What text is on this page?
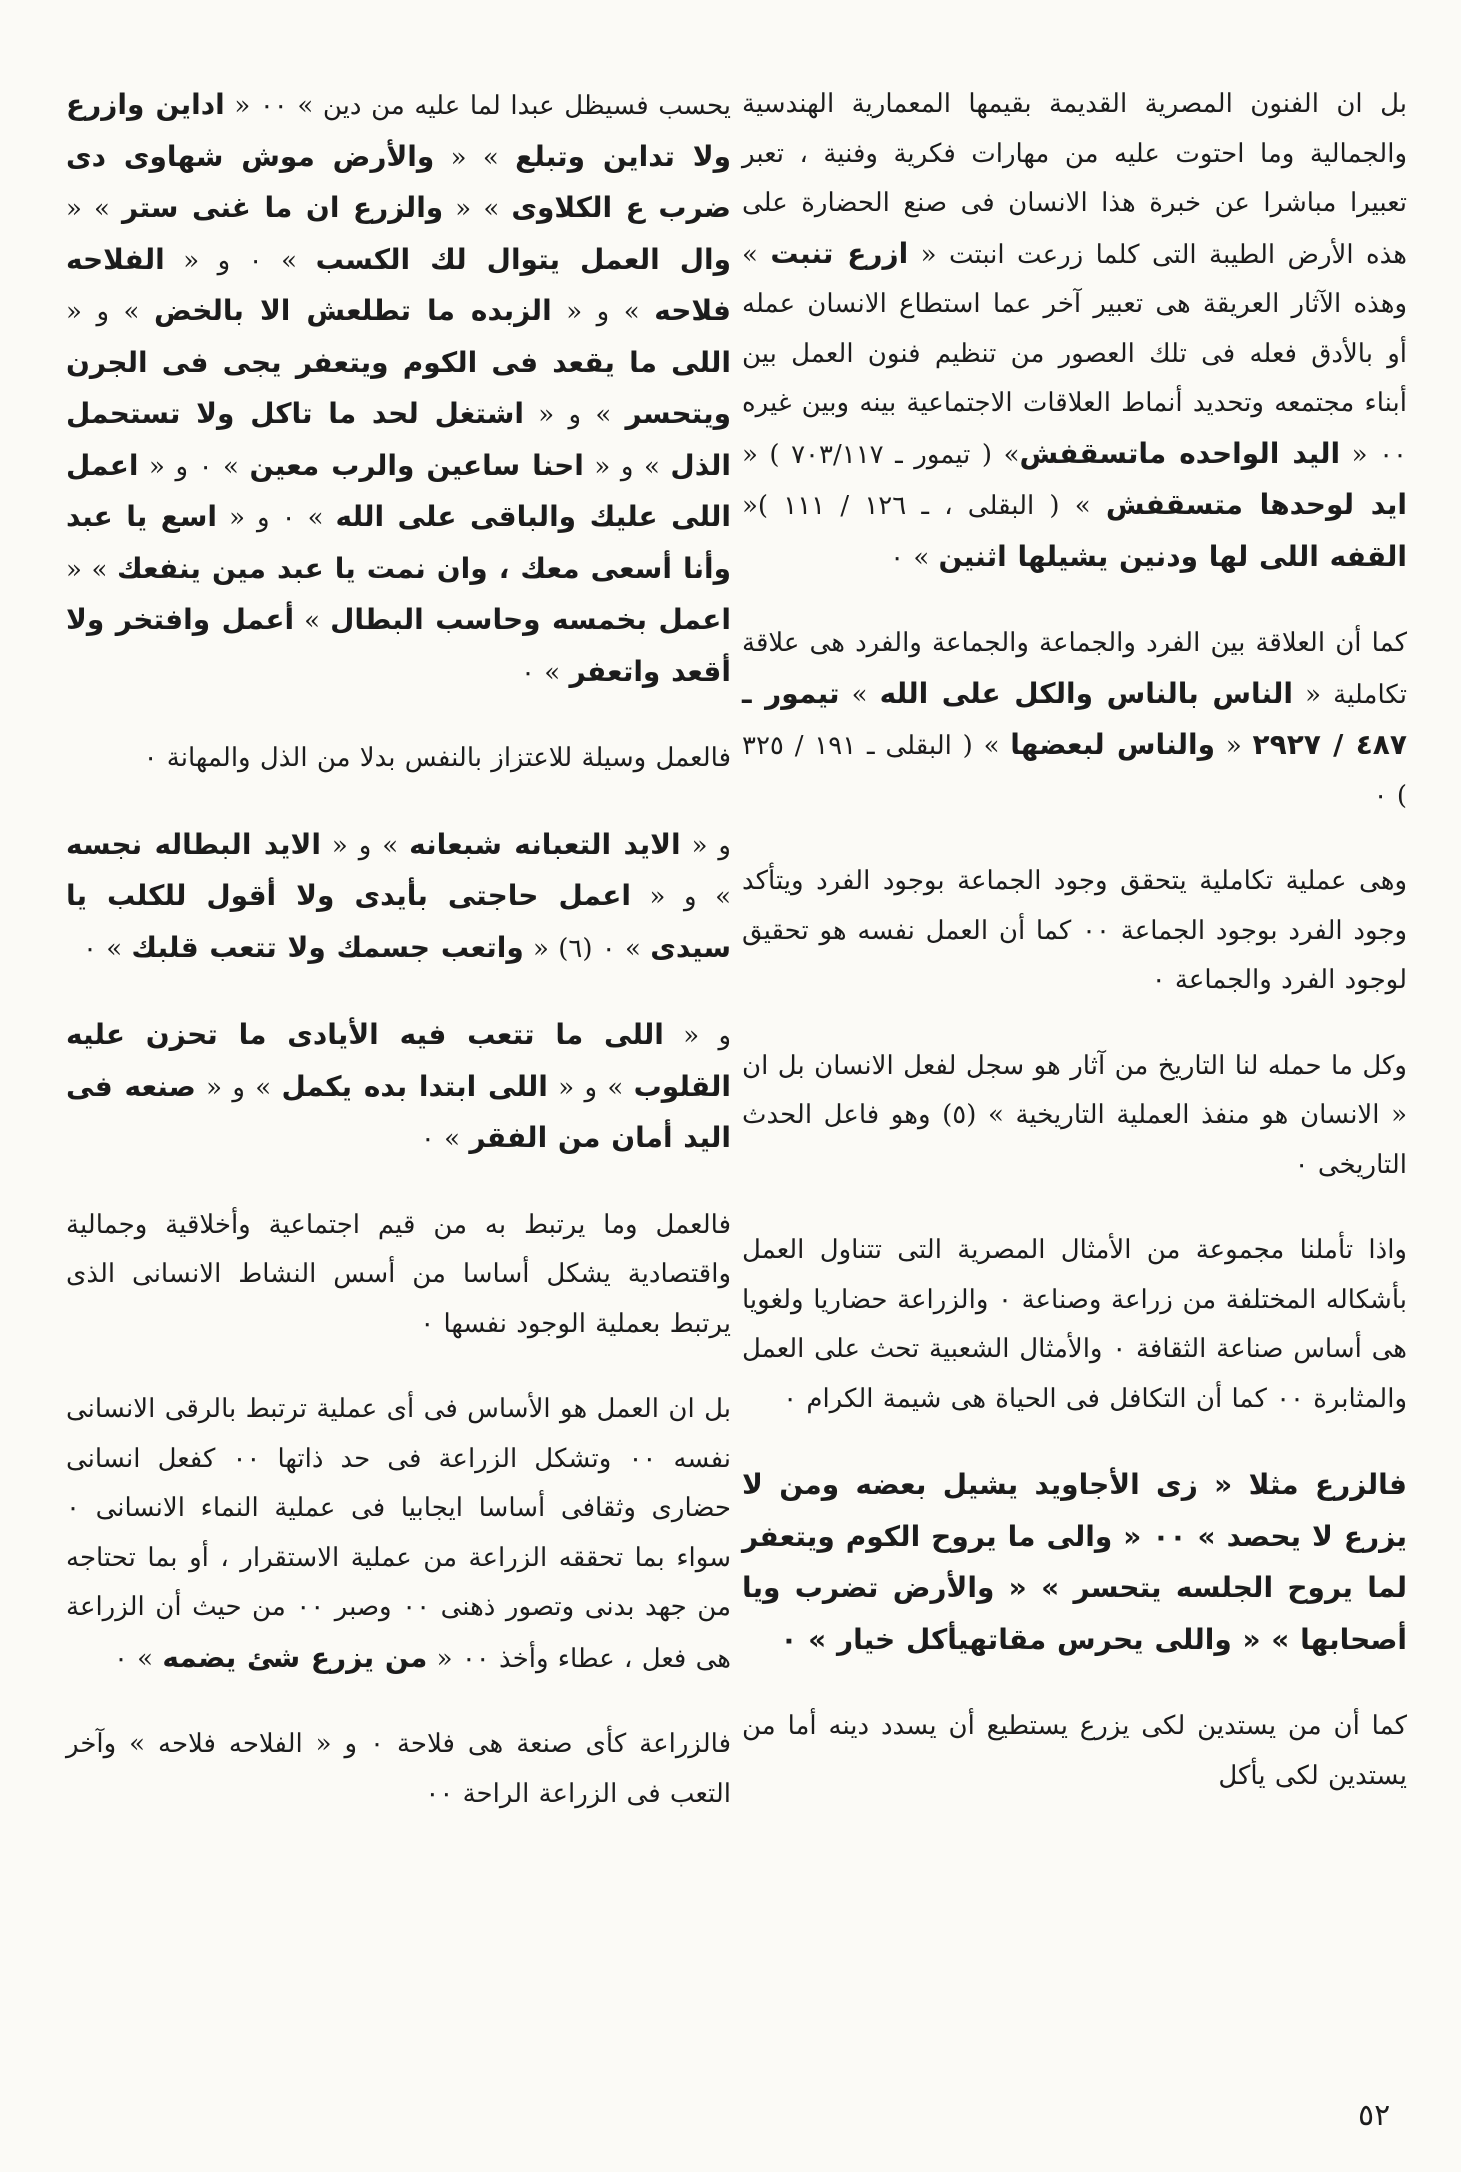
بل ان الفنون المصرية القديمة بقيمها المعمارية الهندسية والجمالية وما احتوت عليه من مهارات فكرية وفنية ، تعبر تعبيرا مباشرا عن خبرة هذا الانسان فى صنع الحضارة على هذه الأرض الطيبة التى كلما زرعت انبتت « ازرع تنبت » وهذه الآثار العريقة هى تعبير آخر عما استطاع الانسان عمله أو بالأدق فعله فى تلك العصور من تنظيم فنون العمل بين أبناء مجتمعه وتحديد أنماط العلاقات الاجتماعية بينه وبين غيره ٠٠ « اليد الواحده ماتسقفش» ( تيمور ـ ٧٠٣/١١٧ ) « ايد لوحدها متسقفش » ( البقلى ، ـ ١٢٦ / ١١١ )« القفه اللى لها ودنين يشيلها اثنين » ٠

كما أن العلاقة بين الفرد والجماعة والجماعة والفرد هى علاقة تكاملية « الناس بالناس والكل على الله » تيمور ـ ٤٨٧ / ٢٩٢٧ « والناس لبعضها » ( البقلى ـ ١٩١ / ٣٢٥ ) ٠

وهى عملية تكاملية يتحقق وجود الجماعة بوجود الفرد ويتأكد وجود الفرد بوجود الجماعة ٠٠ كما أن العمل نفسه هو تحقيق لوجود الفرد والجماعة ٠

وكل ما حمله لنا التاريخ من آثار هو سجل لفعل الانسان بل ان « الانسان هو منفذ العملية التاريخية » (٥) وهو فاعل الحدث التاريخى ٠

واذا تأملنا مجموعة من الأمثال المصرية التى تتناول العمل بأشكاله المختلفة من زراعة وصناعة ٠ والزراعة حضاريا ولغويا هى أساس صناعة الثقافة ٠ والأمثال الشعبية تحث على العمل والمثابرة ٠٠ كما أن التكافل فى الحياة هى شيمة الكرام ٠

فالزرع مثلا « زى الأجاويد يشيل بعضه ومن لا يزرع لا يحصد » ٠٠ « والى ما يروح الكوم ويتعفر لما يروح الجلسه يتحسر » « والأرض تضرب ويا أصحابها » « واللى يحرس مقاتهيأكل خيار » ٠

كما أن من يستدين لكى يزرع يستطيع أن يسدد دينه أما من يستدين لكى يأكل

يحسب فسيظل عبدا لما عليه من دين » ٠٠ « اداين وازرع ولا تداين وتبلع » « والأرض موش شهاوى دى ضرب ع الكلاوى » « والزرع ان ما غنى ستر » « وال العمل يتوال لك الكسب » ٠ و « الفلاحه فلاحه » و « الزبده ما تطلعش الا بالخض » و « اللى ما يقعد فى الكوم ويتعفر يجى فى الجرن ويتحسر » و « اشتغل لحد ما تاكل ولا تستحمل الذل » و « احنا ساعين والرب معين » ٠ و « اعمل اللى عليك والباقى على الله » ٠ و « اسع يا عبد وأنا أسعى معك ، وان نمت يا عبد مين ينفعك » « اعمل بخمسه وحاسب البطال » أعمل وافتخر ولا أقعد واتعفر » ٠

فالعمل وسيلة للاعتزاز بالنفس بدلا من الذل والمهانة ٠

و « الايد التعبانه شبعانه » و « الايد البطاله نجسه » و « اعمل حاجتى بأيدى ولا أقول للكلب يا سيدى » ٠ (٦) « واتعب جسمك ولا تتعب قلبك » ٠

و « اللى ما تتعب فيه الأيادى ما تحزن عليه القلوب » و « اللى ابتدا بده يكمل » و « صنعه فى اليد أمان من الفقر » ٠

فالعمل وما يرتبط به من قيم اجتماعية وأخلاقية وجمالية واقتصادية يشكل أساسا من أسس النشاط الانسانى الذى يرتبط بعملية الوجود نفسها ٠

بل ان العمل هو الأساس فى أى عملية ترتبط بالرقى الانسانى نفسه ٠٠ وتشكل الزراعة فى حد ذاتها ٠٠ كفعل انسانى حضارى وثقافى أساسا ايجابيا فى عملية النماء الانسانى ٠ سواء بما تحققه الزراعة من عملية الاستقرار ، أو بما تحتاجه من جهد بدنى وتصور ذهنى ٠٠ وصبر ٠٠ من حيث أن الزراعة هى فعل ، عطاء وأخذ ٠٠ « من يزرع شئ يضمه » ٠

فالزراعة كأى صنعة هى فلاحة ٠ و « الفلاحه فلاحه » وآخر التعب فى الزراعة الراحة ٠٠

٥٢
